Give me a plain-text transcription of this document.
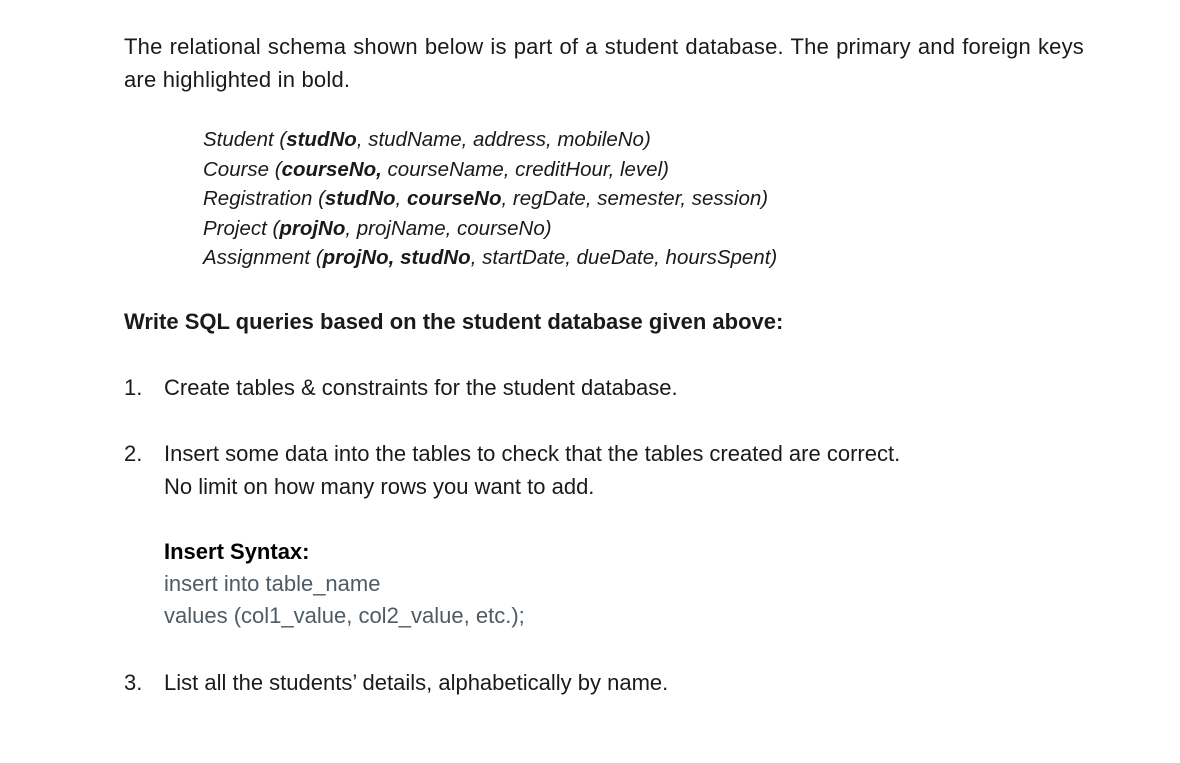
The relational schema shown below is part of a student database. The primary and foreign keys are highlighted in bold.

Student (studNo, studName, address, mobileNo)
Course (courseNo, courseName, creditHour, level)
Registration (studNo, courseNo, regDate, semester, session)
Project (projNo, projName, courseNo)
Assignment (projNo, studNo, startDate, dueDate, hoursSpent)
Write SQL queries based on the student database given above:
1. Create tables & constraints for the student database.
2. Insert some data into the tables to check that the tables created are correct.
No limit on how many rows you want to add.
Insert Syntax:
insert into table_name
values (col1_value, col2_value, etc.);
3. List all the students’ details, alphabetically by name.
